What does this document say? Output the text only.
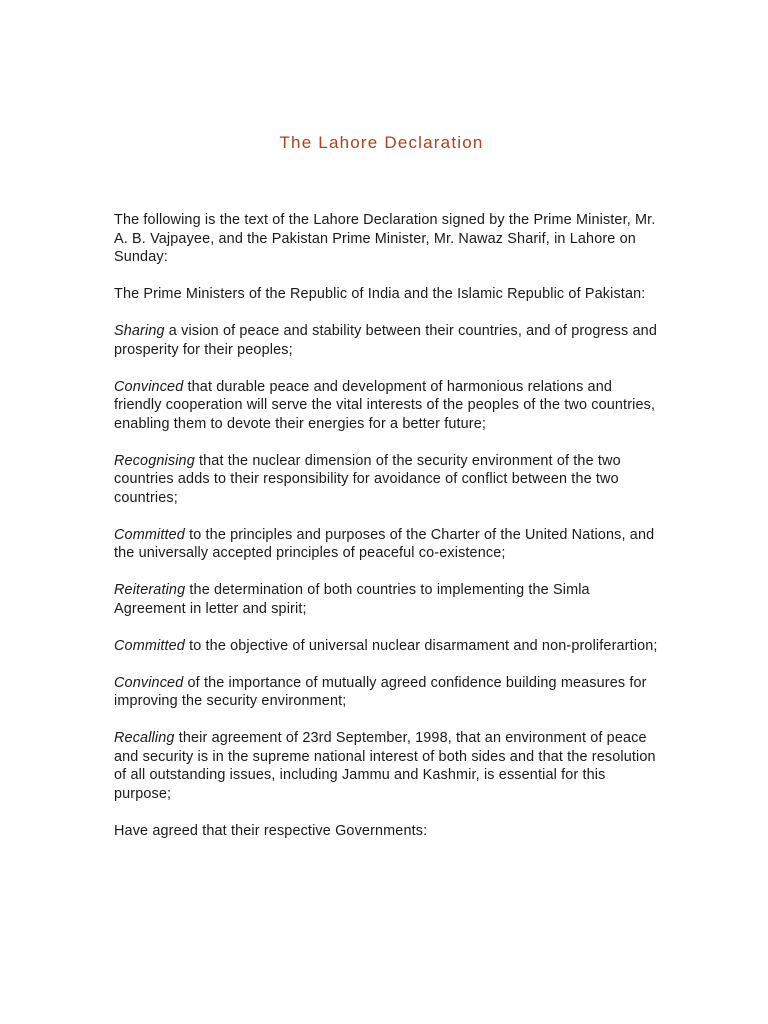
The Lahore Declaration

The following is the text of the Lahore Declaration signed by the Prime Minister, Mr. A. B. Vajpayee, and the Pakistan Prime Minister, Mr. Nawaz Sharif, in Lahore on Sunday:

The Prime Ministers of the Republic of India and the Islamic Republic of Pakistan:

Sharing a vision of peace and stability between their countries, and of progress and prosperity for their peoples;

Convinced that durable peace and development of harmonious relations and friendly cooperation will serve the vital interests of the peoples of the two countries, enabling them to devote their energies for a better future;

Recognising that the nuclear dimension of the security environment of the two countries adds to their responsibility for avoidance of conflict between the two countries;

Committed to the principles and purposes of the Charter of the United Nations, and the universally accepted principles of peaceful co-existence;

Reiterating the determination of both countries to implementing the Simla Agreement in letter and spirit;

Committed to the objective of universal nuclear disarmament and non-proliferartion;

Convinced of the importance of mutually agreed confidence building measures for improving the security environment;

Recalling their agreement of 23rd September, 1998, that an environment of peace and security is in the supreme national interest of both sides and that the resolution of all outstanding issues, including Jammu and Kashmir, is essential for this purpose;

Have agreed that their respective Governments:
